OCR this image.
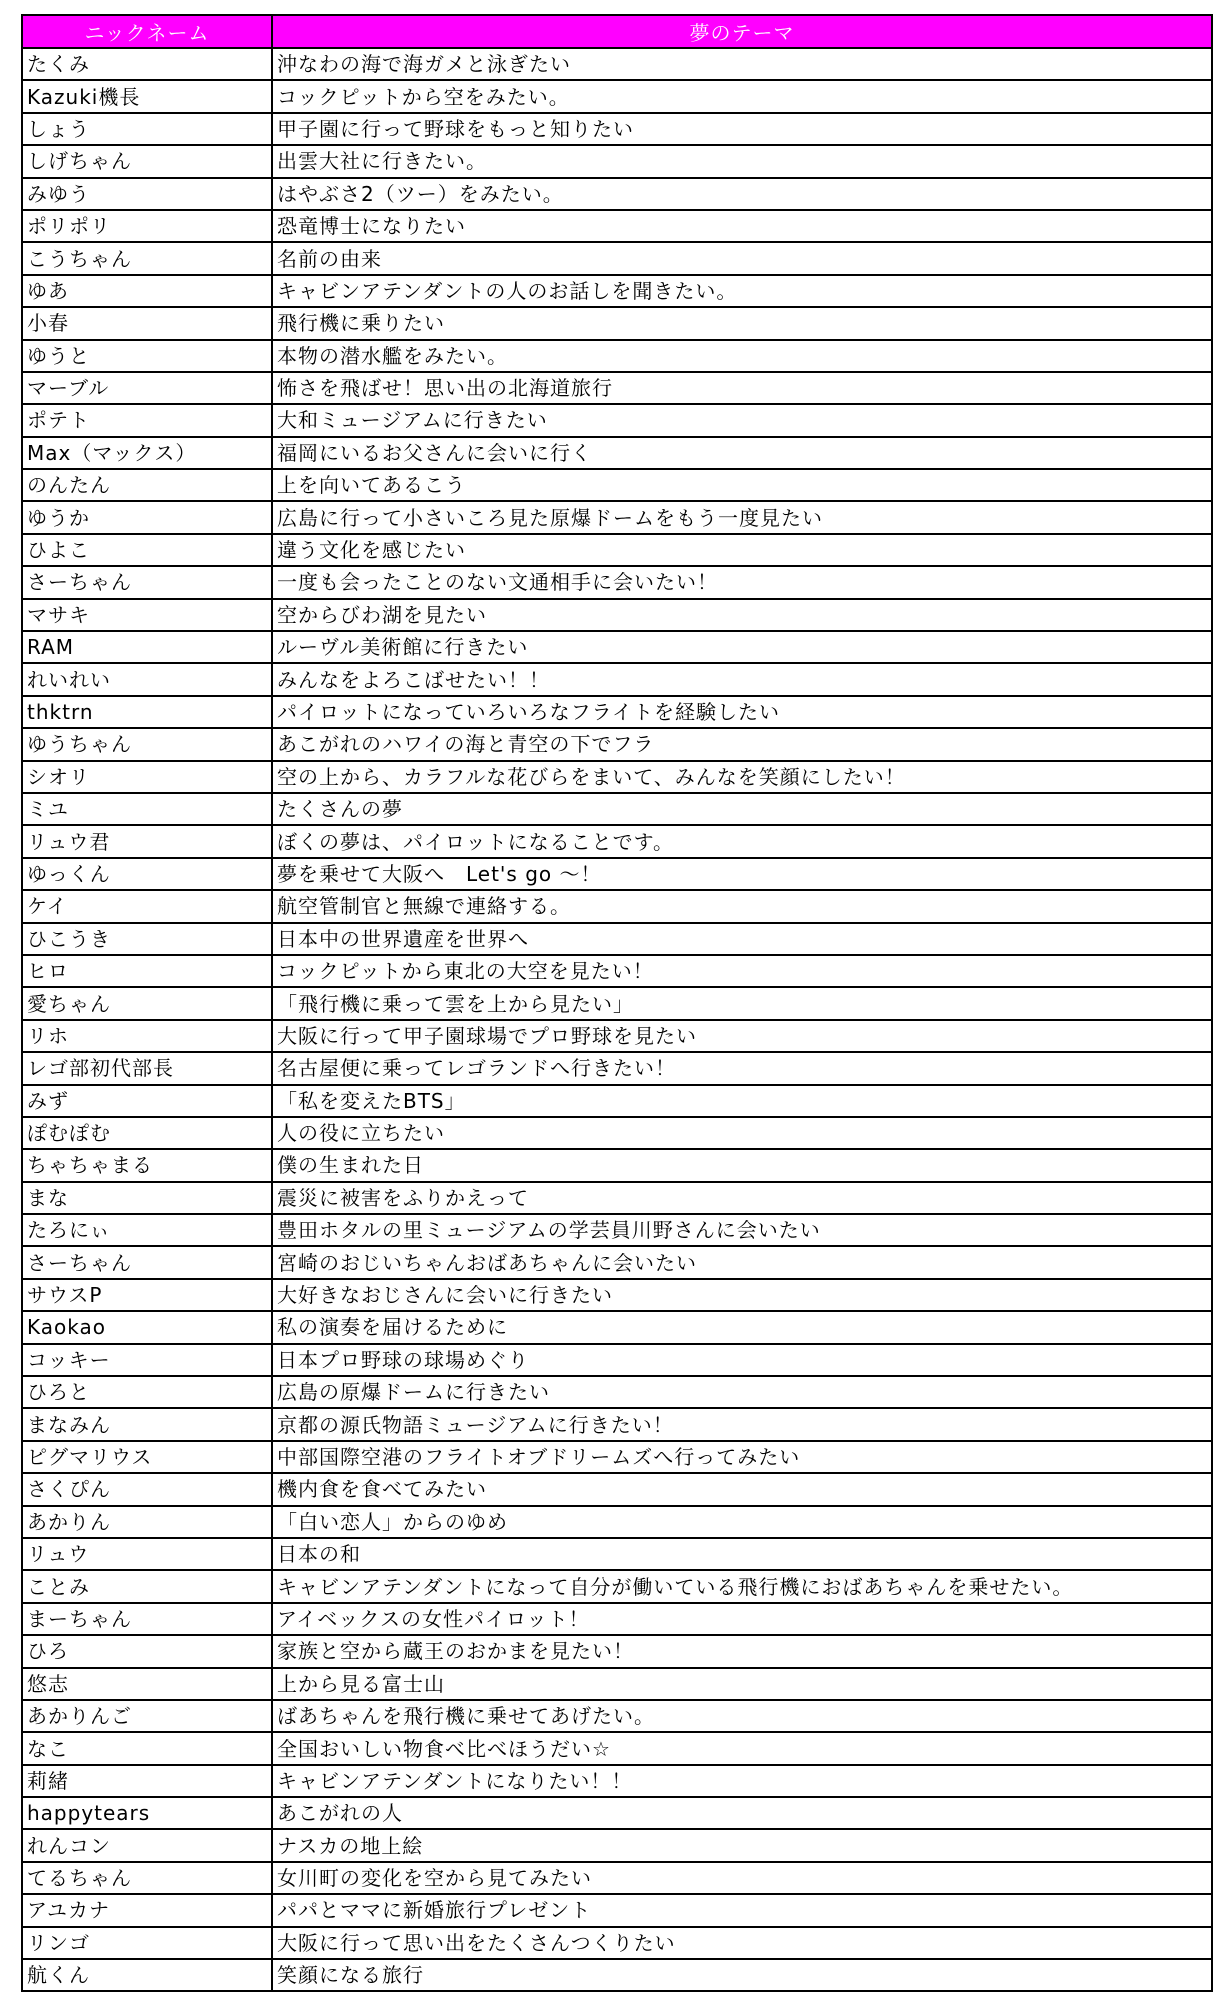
ニックネーム	夢のテーマ
たくみ	沖なわの海で海ガメと泳ぎたい
Kazuki機長	コックピットから空をみたい。
しょう	甲子園に行って野球をもっと知りたい
しげちゃん	出雲大社に行きたい。
みゆう	はやぶさ2（ツー）をみたい。
ポリポリ	恐竜博士になりたい
こうちゃん	名前の由来
ゆあ	キャビンアテンダントの人のお話しを聞きたい。
小春	飛行機に乗りたい
ゆうと	本物の潜水艦をみたい。
マーブル	怖さを飛ばせ！思い出の北海道旅行
ポテト	大和ミュージアムに行きたい
Max（マックス）	福岡にいるお父さんに会いに行く
のんたん	上を向いてあるこう
ゆうか	広島に行って小さいころ見た原爆ドームをもう一度見たい
ひよこ	違う文化を感じたい
さーちゃん	一度も会ったことのない文通相手に会いたい！
マサキ	空からびわ湖を見たい
RAM	ルーヴル美術館に行きたい
れいれい	みんなをよろこばせたい！！
thktrn	パイロットになっていろいろなフライトを経験したい
ゆうちゃん	あこがれのハワイの海と青空の下でフラ
シオリ	空の上から、カラフルな花びらをまいて、みんなを笑顔にしたい！
ミユ	たくさんの夢
リュウ君	ぼくの夢は、パイロットになることです。
ゆっくん	夢を乗せて大阪へ　Let's go ～！
ケイ	航空管制官と無線で連絡する。
ひこうき	日本中の世界遺産を世界へ
ヒロ	コックピットから東北の大空を見たい！
愛ちゃん	「飛行機に乗って雲を上から見たい」
リホ	大阪に行って甲子園球場でプロ野球を見たい
レゴ部初代部長	名古屋便に乗ってレゴランドへ行きたい！
みず	「私を変えたBTS」
ぽむぽむ	人の役に立ちたい
ちゃちゃまる	僕の生まれた日
まな	震災に被害をふりかえって
たろにぃ	豊田ホタルの里ミュージアムの学芸員川野さんに会いたい
さーちゃん	宮崎のおじいちゃんおばあちゃんに会いたい
サウスP	大好きなおじさんに会いに行きたい
Kaokao	私の演奏を届けるために
コッキー	日本プロ野球の球場めぐり
ひろと	広島の原爆ドームに行きたい
まなみん	京都の源氏物語ミュージアムに行きたい！
ピグマリウス	中部国際空港のフライトオブドリームズへ行ってみたい
さくぴん	機内食を食べてみたい
あかりん	「白い恋人」からのゆめ
リュウ	日本の和
ことみ	キャビンアテンダントになって自分が働いている飛行機におばあちゃんを乗せたい。
まーちゃん	アイベックスの女性パイロット！
ひろ	家族と空から蔵王のおかまを見たい！
悠志	上から見る富士山
あかりんご	ばあちゃんを飛行機に乗せてあげたい。
なこ	全国おいしい物食べ比べほうだい☆
莉緒	キャビンアテンダントになりたい！！
happytears	あこがれの人
れんコン	ナスカの地上絵
てるちゃん	女川町の変化を空から見てみたい
アユカナ	パパとママに新婚旅行プレゼント
リンゴ	大阪に行って思い出をたくさんつくりたい
航くん	笑顔になる旅行
